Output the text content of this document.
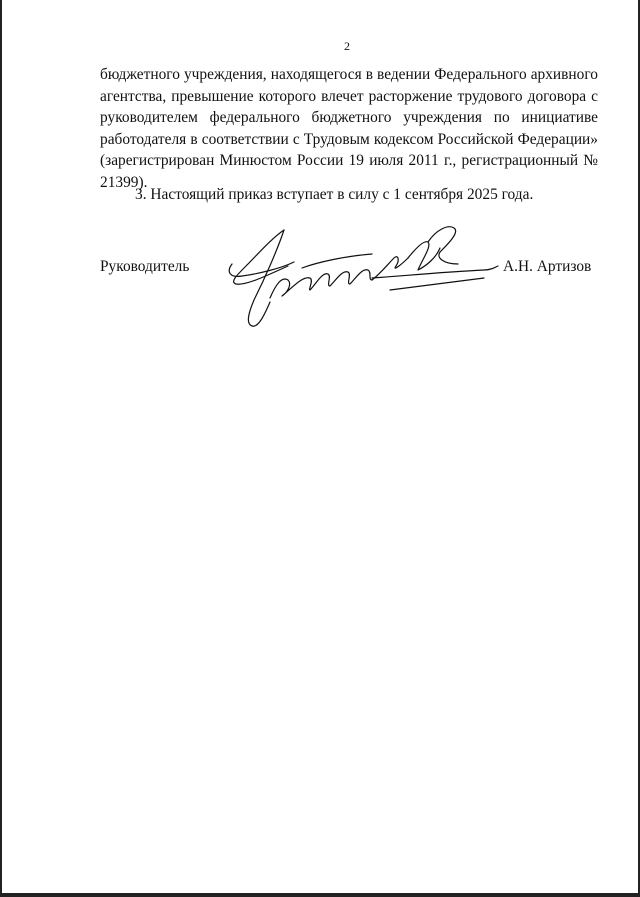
2

бюджетного учреждения, находящегося в ведении Федерального архивного агентства, превышение которого влечет расторжение трудового договора с руководителем федерального бюджетного учреждения по инициативе работодателя в соответствии с Трудовым кодексом Российской Федерации» (зарегистрирован Минюстом России 19 июля 2011 г., регистрационный № 21399).

3. Настоящий приказ вступает в силу с 1 сентября 2025 года.
Руководитель	А.Н. Артизов
